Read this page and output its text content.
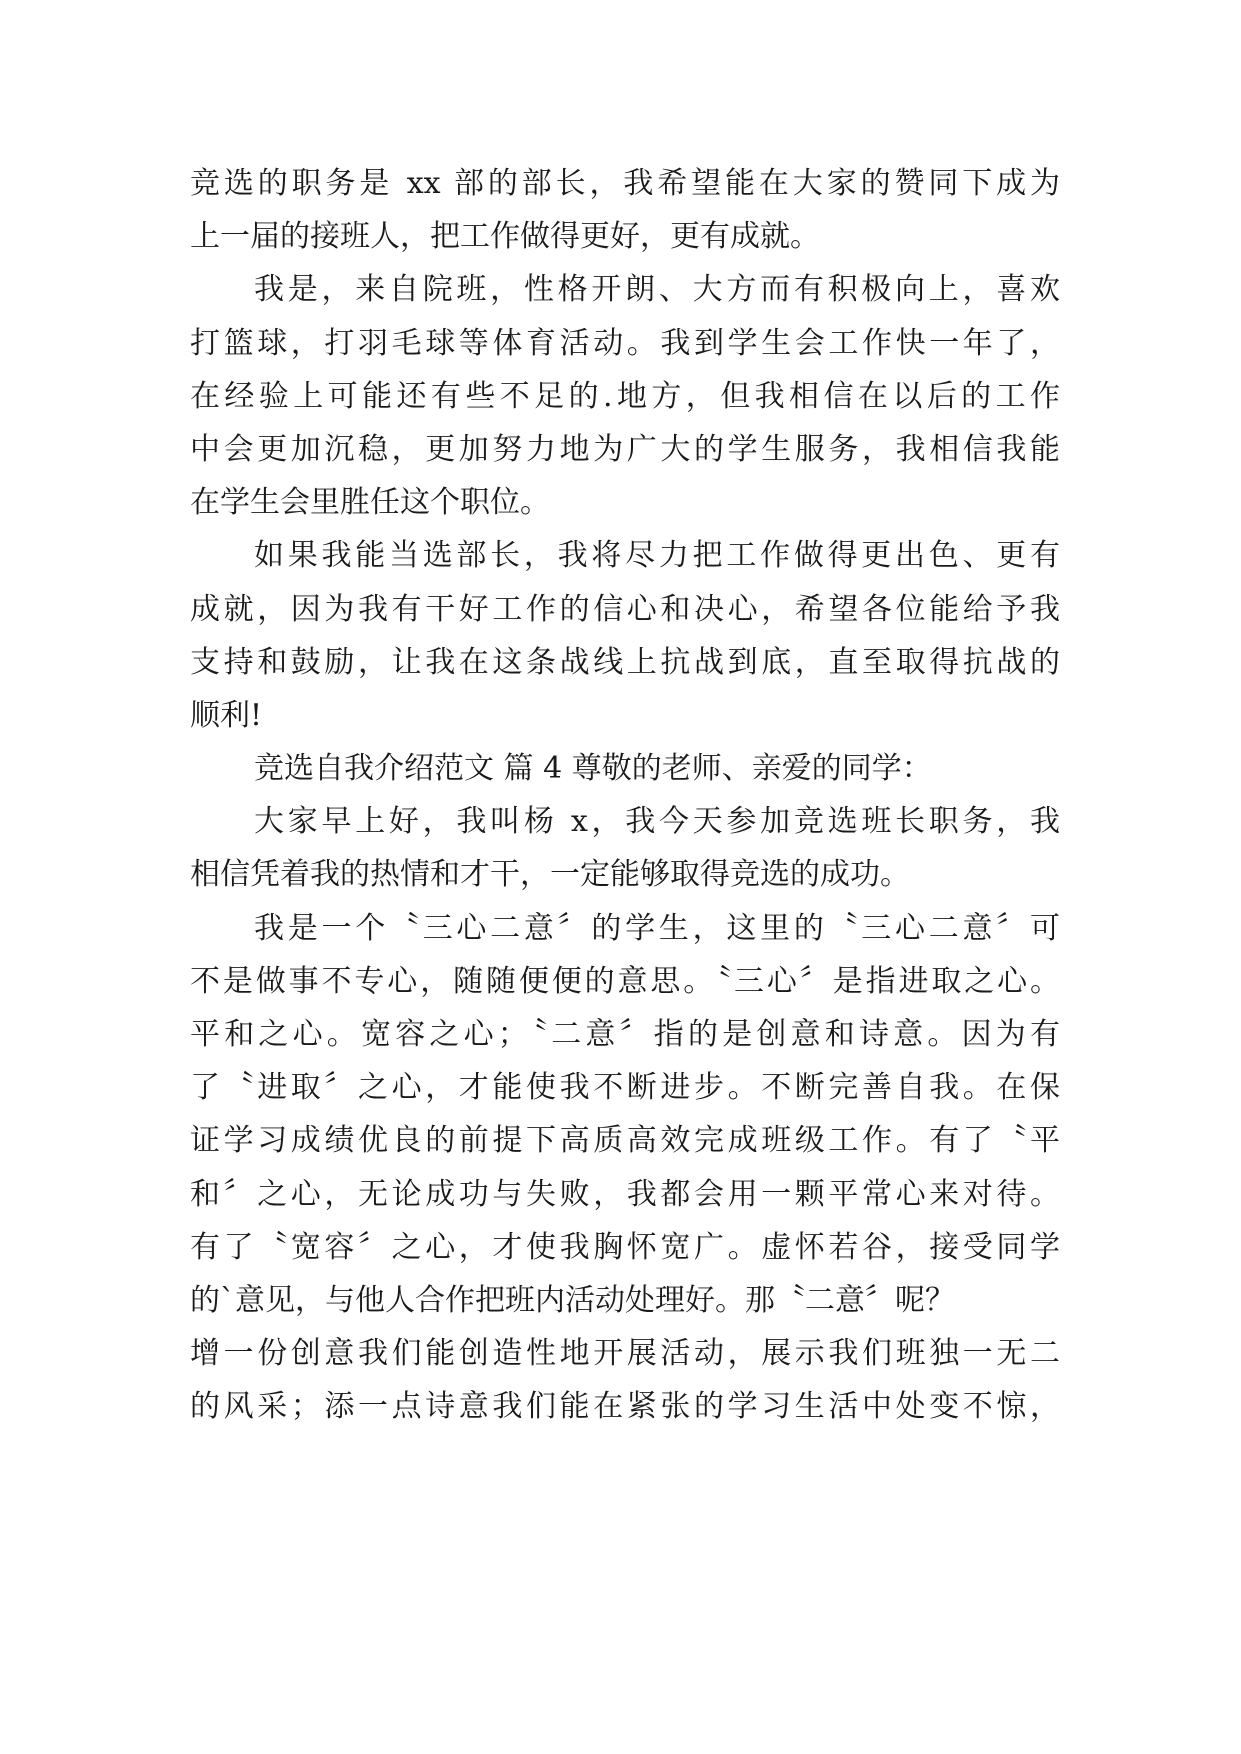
竞选的职务是 xx 部的部长，我希望能在大家的赞同下成为
上一届的接班人，把工作做得更好，更有成就。
我是，来自院班，性格开朗、大方而有积极向上，喜欢
打篮球，打羽毛球等体育活动。我到学生会工作快一年了，
在经验上可能还有些不足的.地方，但我相信在以后的工作
中会更加沉稳，更加努力地为广大的学生服务，我相信我能
在学生会里胜任这个职位。
如果我能当选部长，我将尽力把工作做得更出色、更有
成就，因为我有干好工作的信心和决心，希望各位能给予我
支持和鼓励，让我在这条战线上抗战到底，直至取得抗战的
顺利!
竞选自我介绍范文 篇 4 尊敬的老师、亲爱的同学：
大家早上好，我叫杨 x，我今天参加竞选班长职务，我
相信凭着我的热情和才干，一定能够取得竞选的成功。
我是一个〝三心二意〞的学生，这里的〝三心二意〞可
不是做事不专心，随随便便的意思。〝三心〞是指进取之心。
平和之心。宽容之心；〝二意〞指的是创意和诗意。因为有
了〝进取〞之心，才能使我不断进步。不断完善自我。在保
证学习成绩优良的前提下高质高效完成班级工作。有了〝平
和〞之心，无论成功与失败，我都会用一颗平常心来对待。
有了〝宽容〞之心，才使我胸怀宽广。虚怀若谷，接受同学
的`意见，与他人合作把班内活动处理好。那〝二意〞呢？
增一份创意我们能创造性地开展活动，展示我们班独一无二
的风采；添一点诗意我们能在紧张的学习生活中处变不惊，
